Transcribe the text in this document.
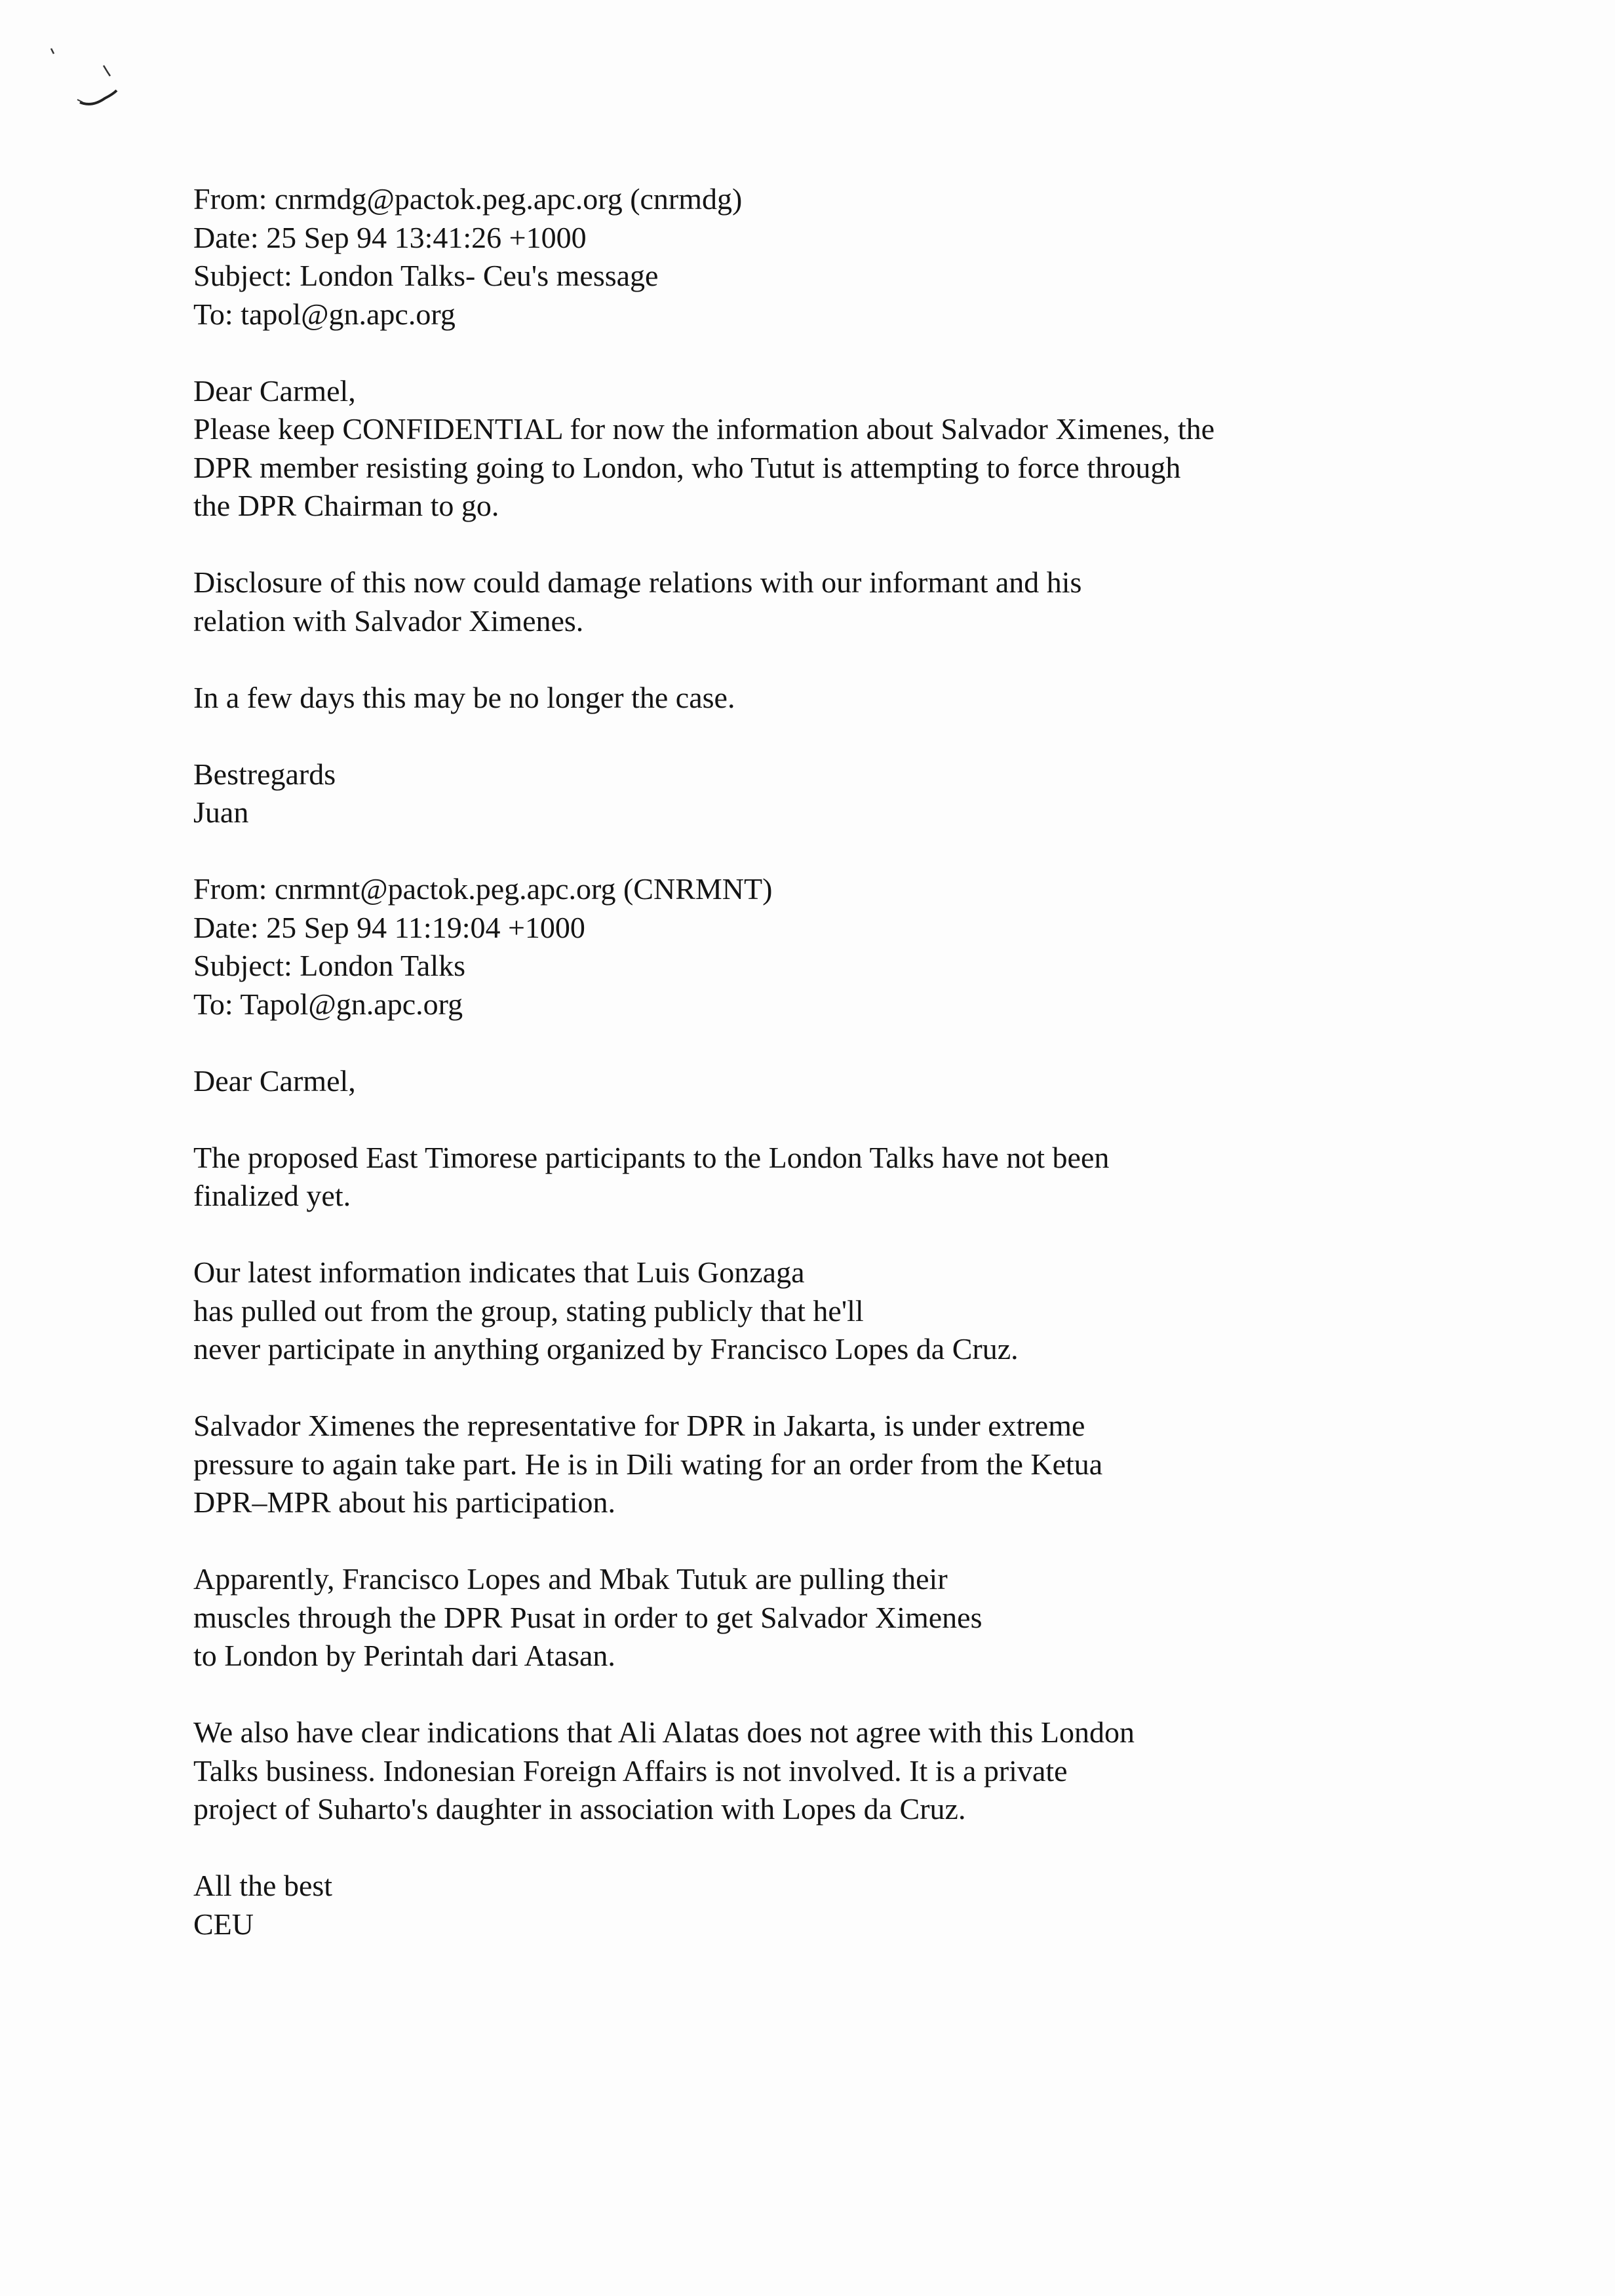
From: cnrmdg@pactok.peg.apc.org (cnrmdg)
Date: 25 Sep 94 13:41:26 +1000
Subject: London Talks- Ceu's message
To: tapol@gn.apc.org
Dear Carmel,
Please keep CONFIDENTIAL for now the information about Salvador Ximenes, the
DPR member resisting going to London, who Tutut is attempting to force through
the DPR Chairman to go.
Disclosure of this now could damage relations with our informant and his
relation with Salvador Ximenes.
In a few days this may be no longer the case.
Bestregards
Juan
From: cnrmnt@pactok.peg.apc.org (CNRMNT)
Date: 25 Sep 94 11:19:04 +1000
Subject: London Talks
To: Tapol@gn.apc.org
Dear Carmel,
The proposed East Timorese participants to the London Talks have not been
finalized yet.
Our latest information indicates that Luis Gonzaga
has pulled out from the group, stating publicly that he'll
never participate in anything organized by Francisco Lopes da Cruz.
Salvador Ximenes the representative for DPR in Jakarta, is under extreme
pressure to again take part. He is in Dili wating for an order from the Ketua
DPR–MPR about his participation.
Apparently, Francisco Lopes and Mbak Tutuk are pulling their
muscles through the DPR Pusat in order to get Salvador Ximenes
to London by Perintah dari Atasan.
We also have clear indications that Ali Alatas does not agree with this London
Talks business. Indonesian Foreign Affairs is not involved. It is a private
project of Suharto's daughter in association with Lopes da Cruz.
All the best
CEU
